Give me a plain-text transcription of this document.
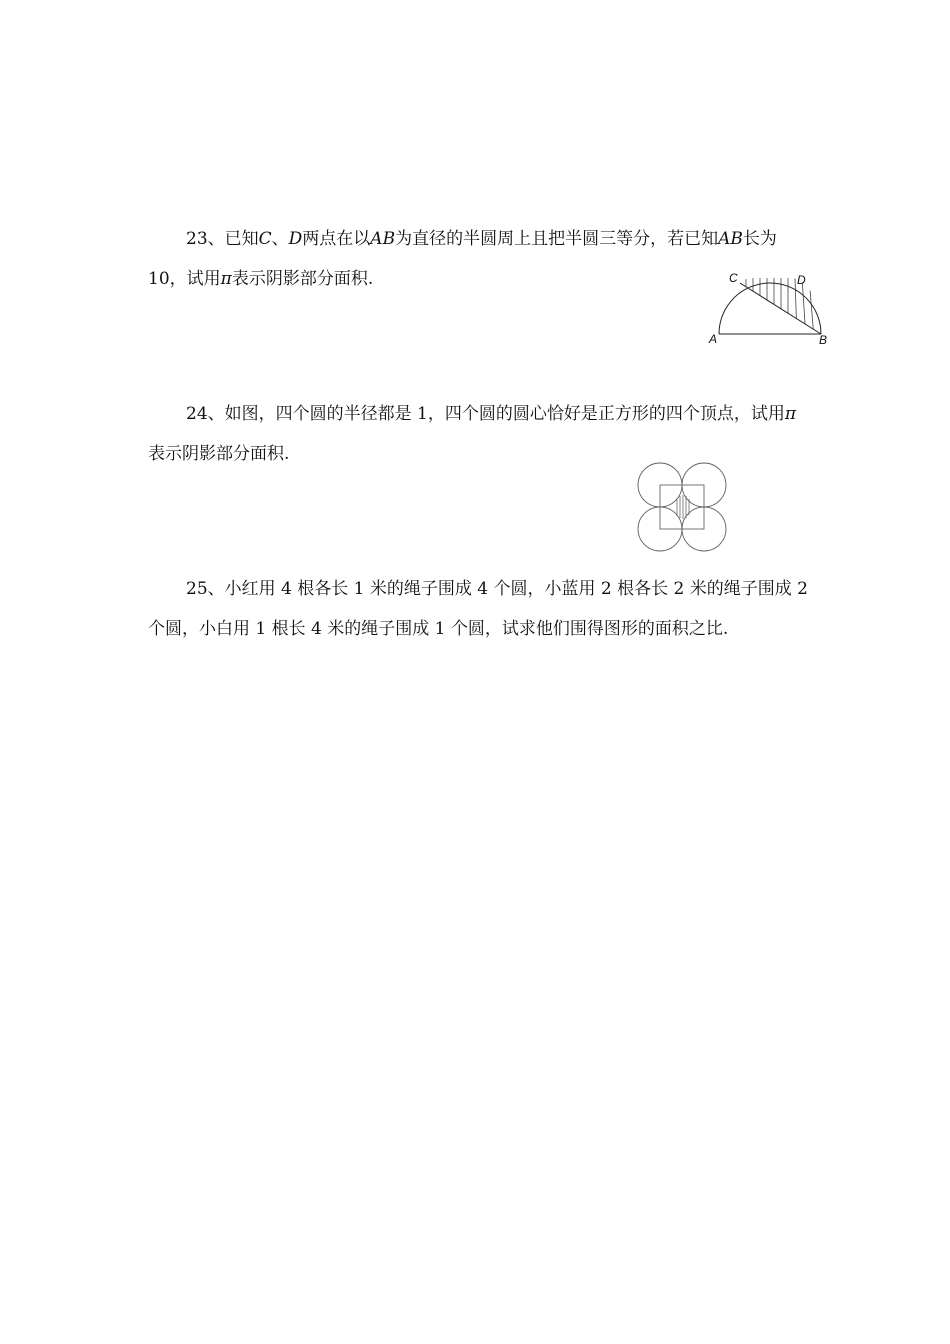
23、已知C、D两点在以AB为直径的半圆周上且把半圆三等分，若已知AB长为

10，试用π表示阴影部分面积.	C	D
A	B

24、如图，四个圆的半径都是 1，四个圆的圆心恰好是正方形的四个顶点，试用π

表示阴影部分面积.

25、小红用 4 根各长 1 米的绳子围成 4 个圆，小蓝用 2 根各长 2 米的绳子围成 2

个圆，小白用 1 根长 4 米的绳子围成 1 个圆，试求他们围得图形的面积之比.
